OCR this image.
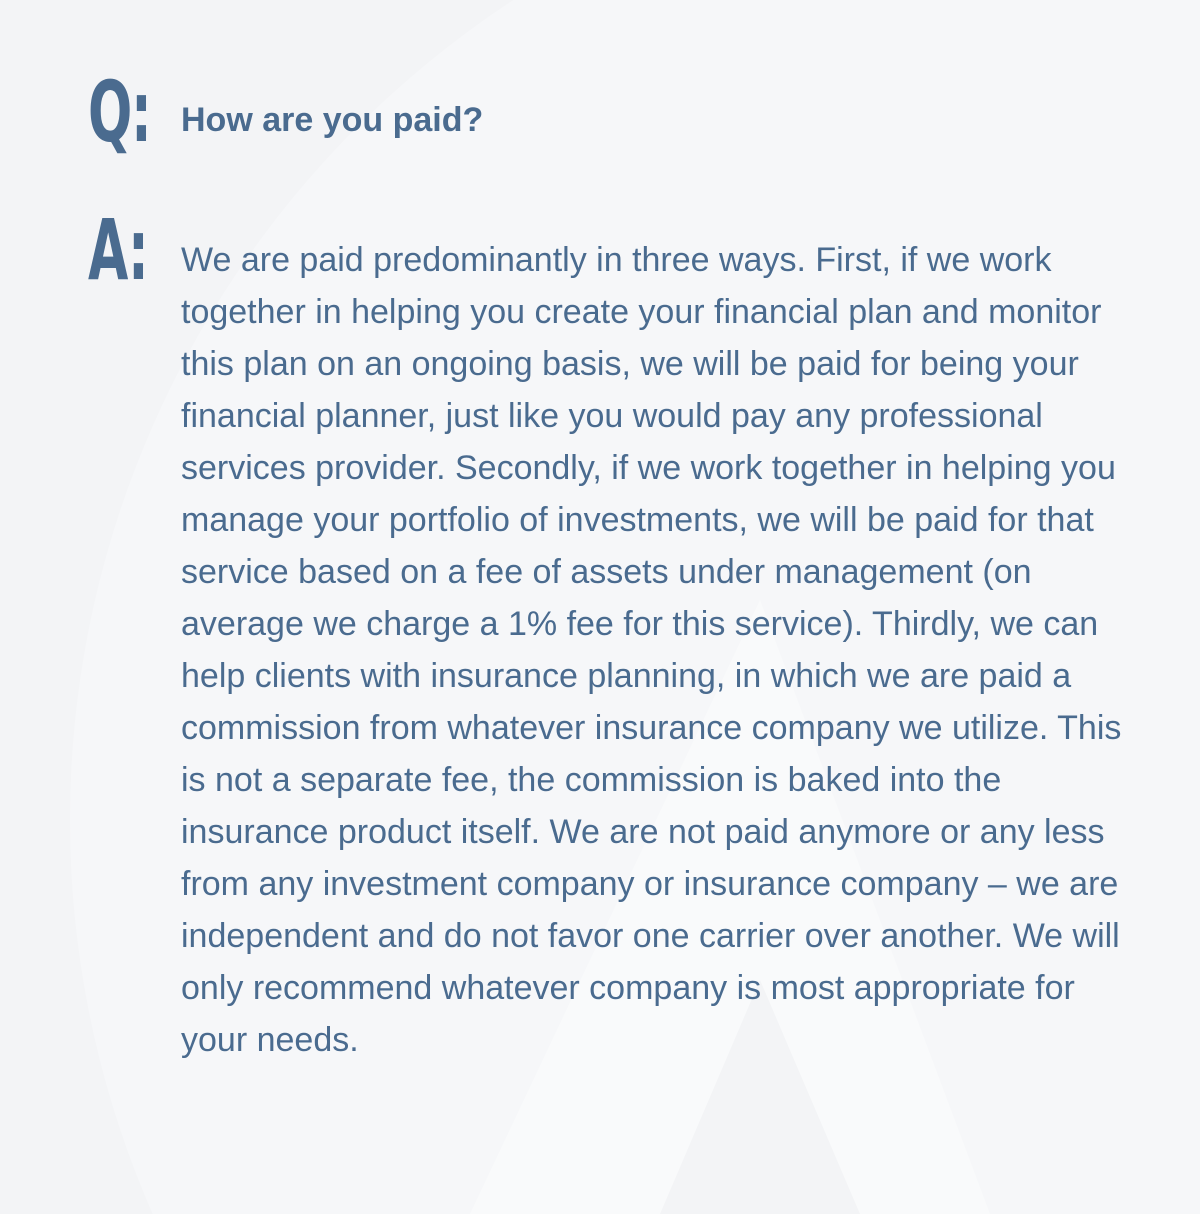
Q: How are you paid?
A: We are paid predominantly in three ways. First, if we work together in helping you create your financial plan and monitor this plan on an ongoing basis, we will be paid for being your financial planner, just like you would pay any professional services provider. Secondly, if we work together in helping you manage your portfolio of investments, we will be paid for that service based on a fee of assets under management (on average we charge a 1% fee for this service). Thirdly, we can help clients with insurance planning, in which we are paid a commission from whatever insurance company we utilize. This is not a separate fee, the commission is baked into the insurance product itself. We are not paid anymore or any less from any investment company or insurance company – we are independent and do not favor one carrier over another. We will only recommend whatever company is most appropriate for your needs.
